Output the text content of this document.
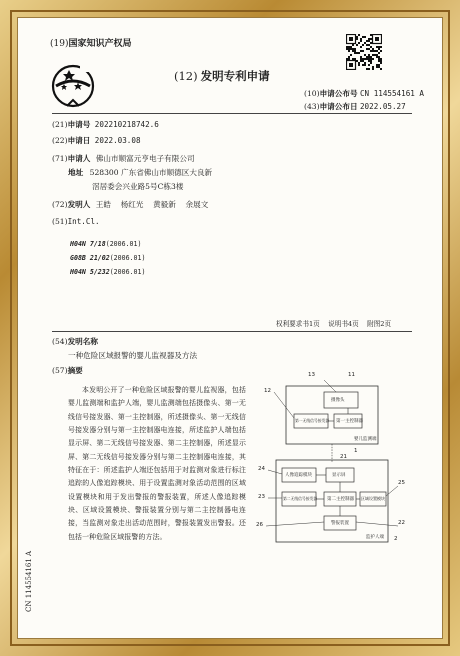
(19)国家知识产权局
(12) 发明专利申请
(10)申请公布号 CN 114554161 A
(43)申请公布日 2022.05.27
(21)申请号 202210218742.6
(22)申请日 2022.03.08
(71)申请人 佛山市顺富元亨电子有限公司
地址 528300 广东省佛山市顺德区大良新
滘居委会兴业路5号C栋3楼
(72)发明人 王皓    杨红光    黄毅新    余展文
(51)Int.Cl.
H04N 7/18(2006.01)
G08B 21/02(2006.01)
H04N 5/232(2006.01)
权利要求书1页    说明书4页    附图2页
(54)发明名称
一种危险区域报警的婴儿监视器及方法
(57)摘要
本发明公开了一种危险区域报警的婴儿监视器，包括婴儿监测端和监护人端，婴儿监测端包括摄像头、第一无线信号接发器、第一主控制器，所述摄像头、第一无线信号接发器分别与第一主控制器电连接，所述监护人端包括显示屏、第二无线信号接发器、第二主控制器，所述显示屏、第二无线信号接发器分别与第二主控制器电连接，其特征在于：所述监护人端还包括用于对监测对象进行标注追踪的人像追踪模块、用于设置监测对象活动范围的区域设置模块和用于发出警报的警报装置，所述人像追踪模块、区域设置模块、警报装置分别与第二主控制器电连接，当监测对象走出活动范围时，警报装置发出警报。还包括一种危险区域报警的方法。
13	11
12
1
21
24
23
25
26	22
2
摄像头
第一无线信号接发器 第一主控制器
婴儿监测端
人像追踪模块	显示屏
第二无线信号接发器 第二主控制器 区域设置模块
警报装置
监护人端
CN 114554161 A
